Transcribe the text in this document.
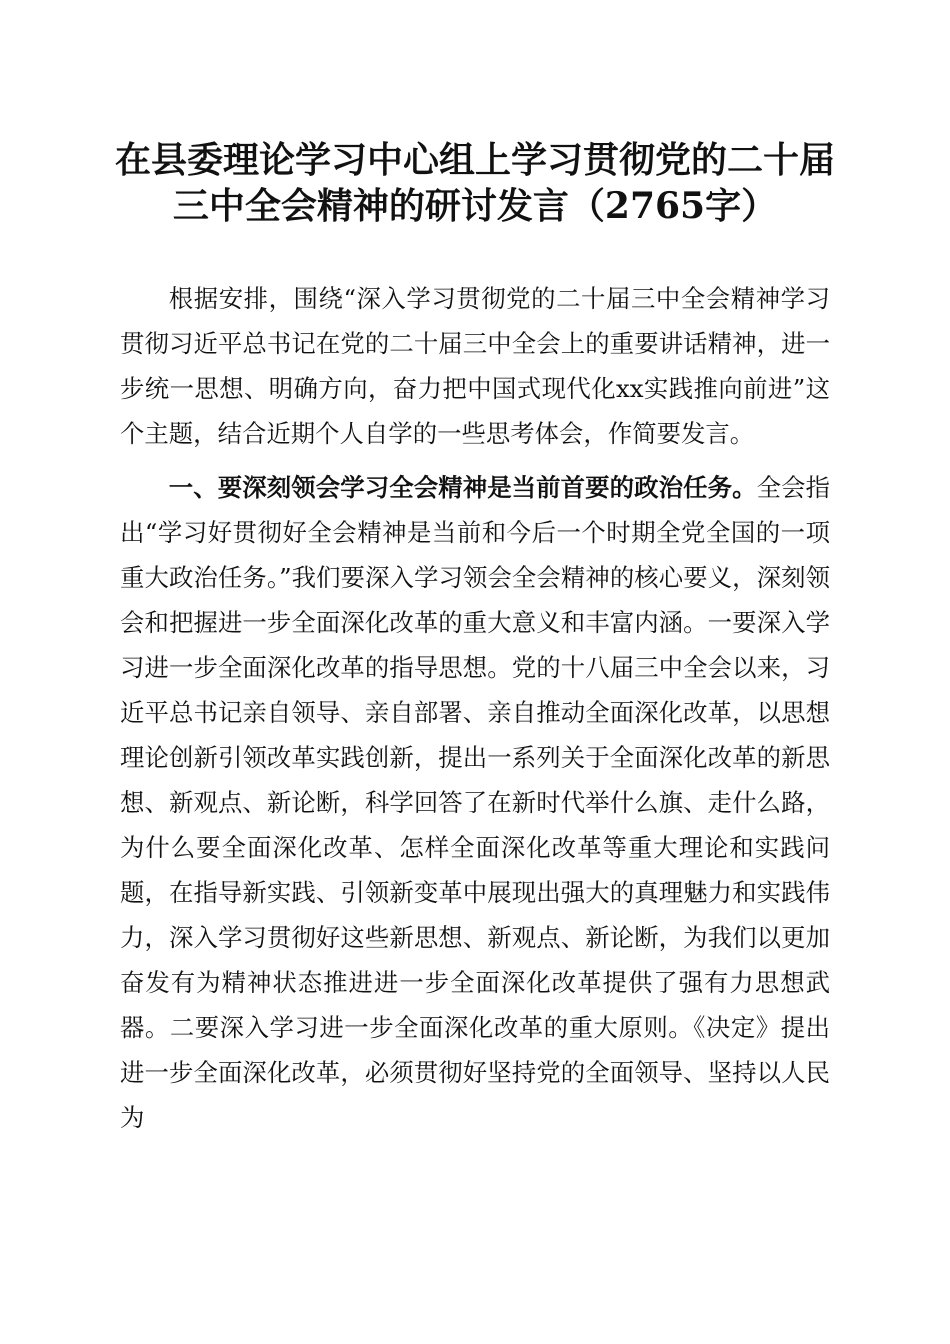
在县委理论学习中心组上学习贯彻党的二十届
三中全会精神的研讨发言（2765字）

根据安排，围绕“深入学习贯彻党的二十届三中全会精神学习贯彻习近平总书记在党的二十届三中全会上的重要讲话精神，进一步统一思想、明确方向，奋力把中国式现代化xx实践推向前进”这个主题，结合近期个人自学的一些思考体会，作简要发言。

一、要深刻领会学习全会精神是当前首要的政治任务。全会指出“学习好贯彻好全会精神是当前和今后一个时期全党全国的一项重大政治任务。”我们要深入学习领会全会精神的核心要义，深刻领会和把握进一步全面深化改革的重大意义和丰富内涵。一要深入学习进一步全面深化改革的指导思想。党的十八届三中全会以来，习近平总书记亲自领导、亲自部署、亲自推动全面深化改革，以思想理论创新引领改革实践创新，提出一系列关于全面深化改革的新思想、新观点、新论断，科学回答了在新时代举什么旗、走什么路，为什么要全面深化改革、怎样全面深化改革等重大理论和实践问题，在指导新实践、引领新变革中展现出强大的真理魅力和实践伟力，深入学习贯彻好这些新思想、新观点、新论断，为我们以更加奋发有为精神状态推进进一步全面深化改革提供了强有力思想武器。二要深入学习进一步全面深化改革的重大原则。《决定》提出进一步全面深化改革，必须贯彻好坚持党的全面领导、坚持以人民为
